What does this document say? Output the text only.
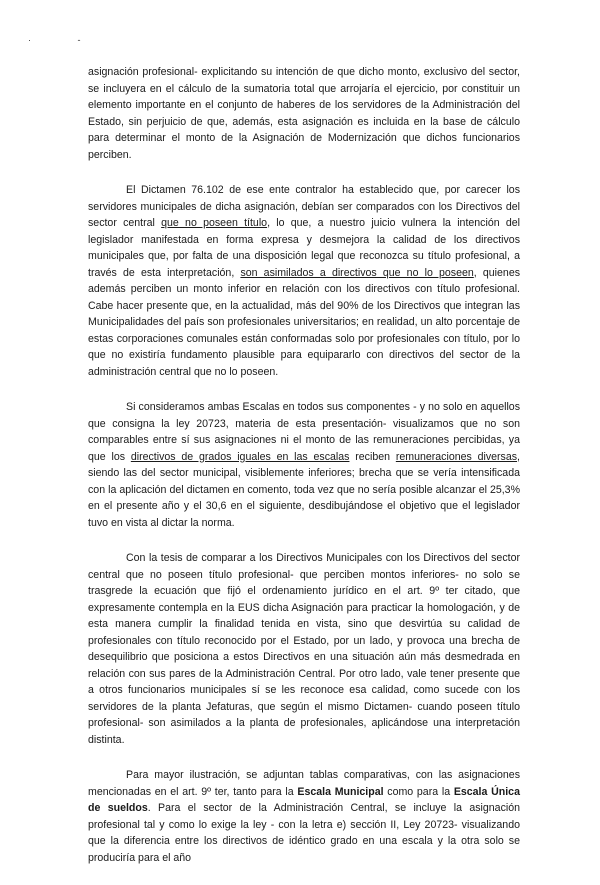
· -

asignación profesional- explicitando su intención de que dicho monto, exclusivo del sector, se incluyera en el cálculo de la sumatoria total que arrojaría el ejercicio, por constituir un elemento importante en el conjunto de haberes de los servidores de la Administración del Estado, sin perjuicio de que, además, esta asignación es incluida en la base de cálculo para determinar el monto de la Asignación de Modernización que dichos funcionarios perciben.

El Dictamen 76.102 de ese ente contralor ha establecido que, por carecer los servidores municipales de dicha asignación, debían ser comparados con los Directivos del sector central que no poseen título, lo que, a nuestro juicio vulnera la intención del legislador manifestada en forma expresa y desmejora la calidad de los directivos municipales que, por falta de una disposición legal que reconozca su título profesional, a través de esta interpretación, son asimilados a directivos que no lo poseen, quienes además perciben un monto inferior en relación con los directivos con título profesional. Cabe hacer presente que, en la actualidad, más del 90% de los Directivos que integran las Municipalidades del país son profesionales universitarios; en realidad, un alto porcentaje de estas corporaciones comunales están conformadas solo por profesionales con título, por lo que no existiría fundamento plausible para equipararlo con directivos del sector de la administración central que no lo poseen.

Si consideramos ambas Escalas en todos sus componentes - y no solo en aquellos que consigna la ley 20723, materia de esta presentación- visualizamos que no son comparables entre sí sus asignaciones ni el monto de las remuneraciones percibidas, ya que los directivos de grados iguales en las escalas reciben remuneraciones diversas, siendo las del sector municipal, visiblemente inferiores; brecha que se vería intensificada con la aplicación del dictamen en comento, toda vez que no sería posible alcanzar el 25,3% en el presente año y el 30,6 en el siguiente, desdibujándose el objetivo que el legislador tuvo en vista al dictar la norma.

Con la tesis de comparar a los Directivos Municipales con los Directivos del sector central que no poseen título profesional- que perciben montos inferiores- no solo se trasgrede la ecuación que fijó el ordenamiento jurídico en el art. 9º ter citado, que expresamente contempla en la EUS dicha Asignación para practicar la homologación, y de esta manera cumplir la finalidad tenida en vista, sino que desvirtúa su calidad de profesionales con título reconocido por el Estado, por un lado, y provoca una brecha de desequilibrio que posiciona a estos Directivos en una situación aún más desmedrada en relación con sus pares de la Administración Central. Por otro lado, vale tener presente que a otros funcionarios municipales sí se les reconoce esa calidad, como sucede con los servidores de la planta Jefaturas, que según el mismo Dictamen- cuando poseen título profesional- son asimilados a la planta de profesionales, aplicándose una interpretación distinta.

Para mayor ilustración, se adjuntan tablas comparativas, con las asignaciones mencionadas en el art. 9º ter, tanto para la Escala Municipal como para la Escala Única de sueldos. Para el sector de la Administración Central, se incluye la asignación profesional tal y como lo exige la ley - con la letra e) sección II, Ley 20723- visualizando que la diferencia entre los directivos de idéntico grado en una escala y la otra solo se produciría para el año
